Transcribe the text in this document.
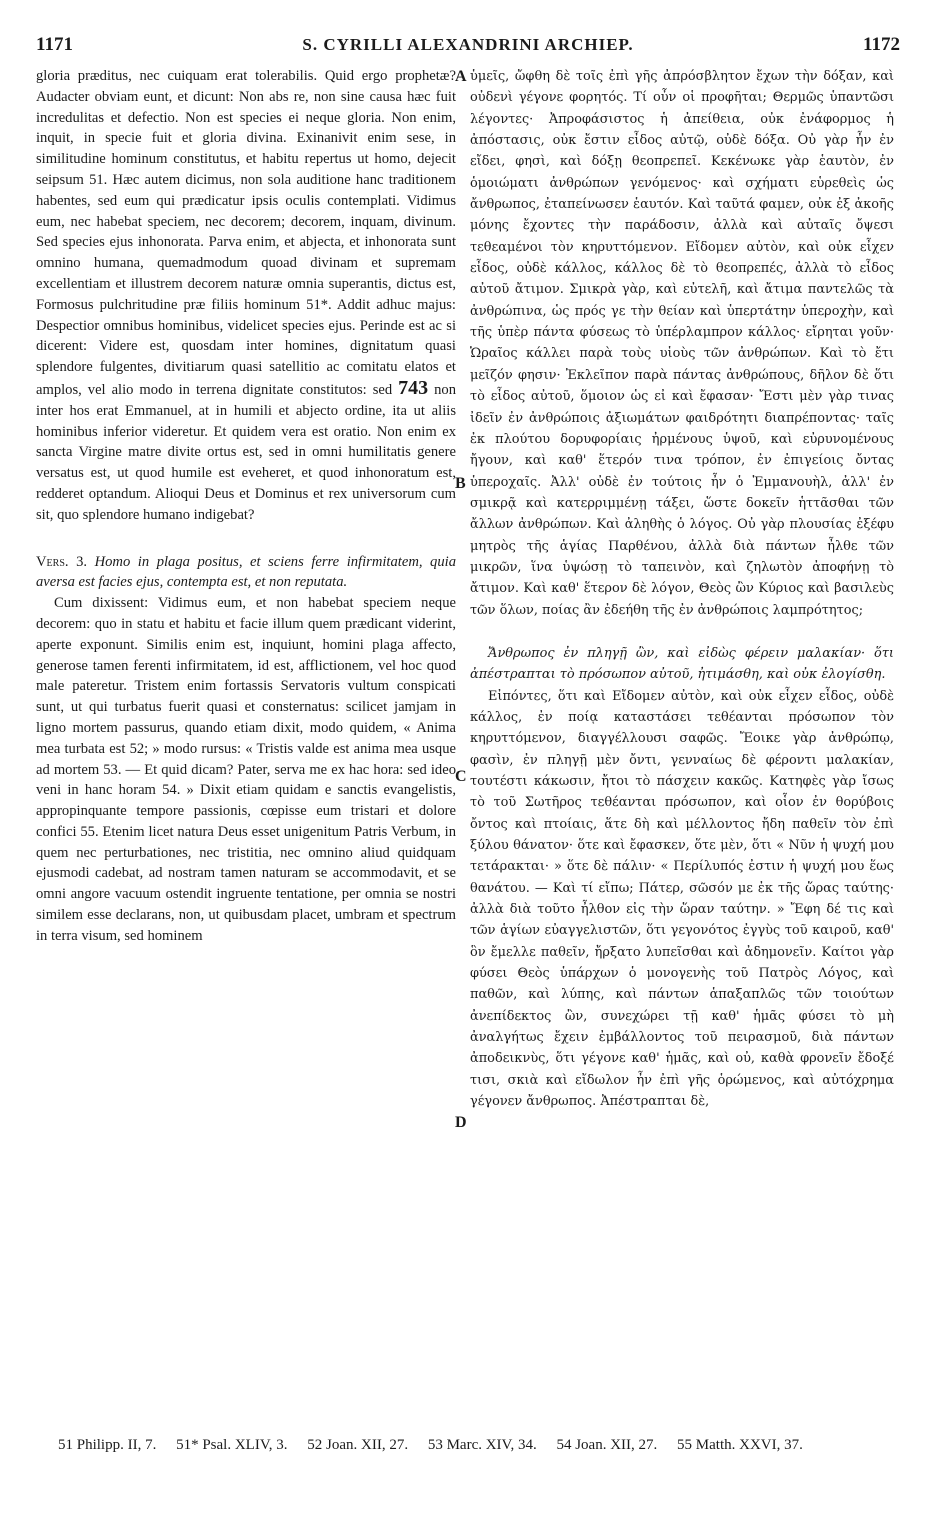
1171	S. CYRILLI ALEXANDRINI ARCHIEP.	1172
A
B
C
D

gloria præditus, nec cuiquam erat tolerabilis. Quid ergo prophetæ? Audacter obviam eunt, et dicunt: Non abs re, non sine causa hæc fuit incredulitas et defectio. Non est species ei neque gloria. Non enim, inquit, in specie fuit et gloria divina. Exinanivit enim sese, in similitudine hominum constitutus, et habitu repertus ut homo, dejecit seipsum 51. Hæc autem dicimus, non sola auditione hanc traditionem habentes, sed eum qui prædicatur ipsis oculis contemplati. Vidimus eum, nec habebat speciem, nec decorem; decorem, inquam, divinum. Sed species ejus inhonorata. Parva enim, et abjecta, et inhonorata sunt omnino humana, quemadmodum quoad divinam et supremam excellentiam et illustrem decorem naturæ omnia superantis, dictus est, Formosus pulchritudine præ filiis hominum 51*. Addit adhuc majus: Despectior omnibus hominibus, videlicet species ejus. Perinde est ac si dicerent: Videre est, quosdam inter homines, dignitatum quasi splendore fulgentes, divitiarum quasi satellitio ac comitatu elatos et amplos, vel alio modo in terrena dignitate constitutos: sed 743 non inter hos erat Emmanuel, at in humili et abjecto ordine, ita ut aliis hominibus inferior videretur. Et quidem vera est oratio. Non enim ex sancta Virgine matre divite ortus est, sed in omni humilitatis genere versatus est, ut quod humile est eveheret, et quod inhonoratum est, redderet optandum. Alioqui Deus et Dominus et rex universorum cum sit, quo splendore humano indigebat?

Vers. 3. Homo in plaga positus, et sciens ferre infirmitatem, quia aversa est facies ejus, contempta est, et non reputata.

Cum dixissent: Vidimus eum, et non habebat speciem neque decorem: quo in statu et habitu et facie illum quem prædicant viderint, aperte exponunt. Similis enim est, inquiunt, homini plaga affecto, generose tamen ferenti infirmitatem, id est, afflictionem, vel hoc quod male pateretur. Tristem enim fortassis Servatoris vultum conspicati sunt, ut qui turbatus fuerit quasi et consternatus: scilicet jamjam in ligno mortem passurus, quando etiam dixit, modo quidem, « Anima mea turbata est 52; » modo rursus: « Tristis valde est anima mea usque ad mortem 53. — Et quid dicam? Pater, serva me ex hac hora: sed ideo veni in hanc horam 54. » Dixit etiam quidam e sanctis evangelistis, appropinquante tempore passionis, cœpisse eum tristari et dolore confici 55. Etenim licet natura Deus esset unigenitum Patris Verbum, in quem nec perturbationes, nec tristitia, nec omnino aliud quidquam ejusmodi cadebat, ad nostram tamen naturam se accommodavit, et se omni angore vacuum ostendit ingruente tentatione, per omnia se nostri similem esse declarans, non, ut quibusdam placet, umbram et spectrum in terra visum, sed hominem

ὑμεῖς, ὤφθη δὲ τοῖς ἐπὶ γῆς ἀπρόσβλητον ἔχων τὴν δόξαν, καὶ οὐδενὶ γέγονε φορητός. Τί οὖν οἱ προφῆται; Θερμῶς ὑπαντῶσι λέγοντες· Ἀπροφάσιστος ἡ ἀπείθεια, οὐκ ἐνάφορμος ἡ ἀπόστασις, οὐκ ἔστιν εἶδος αὐτῷ, οὐδὲ δόξα. Οὐ γὰρ ἦν ἐν εἴδει, φησὶ, καὶ δόξῃ θεοπρεπεῖ. Κεκένωκε γὰρ ἑαυτὸν, ἐν ὁμοιώματι ἀνθρώπων γενόμενος· καὶ σχήματι εὑρεθεὶς ὡς ἄνθρωπος, ἐταπείνωσεν ἑαυτόν. Καὶ ταῦτά φαμεν, οὐκ ἐξ ἀκοῆς μόνης ἔχοντες τὴν παράδοσιν, ἀλλὰ καὶ αὐταῖς ὄψεσι τεθεαμένοι τὸν κηρυττόμενον. Εἴδομεν αὐτὸν, καὶ οὐκ εἶχεν εἶδος, οὐδὲ κάλλος, κάλλος δὲ τὸ θεοπρεπές, ἀλλὰ τὸ εἶδος αὐτοῦ ἄτιμον. Σμικρὰ γὰρ, καὶ εὐτελῆ, καὶ ἄτιμα παντελῶς τὰ ἀνθρώπινα, ὡς πρός γε τὴν θείαν καὶ ὑπερτάτην ὑπεροχὴν, καὶ τῆς ὑπὲρ πάντα φύσεως τὸ ὑπέρλαμπρον κάλλος· εἴρηται γοῦν· Ὡραῖος κάλλει παρὰ τοὺς υἱοὺς τῶν ἀνθρώπων. Καὶ τὸ ἔτι μεῖζόν φησιν· Ἐκλεῖπον παρὰ πάντας ἀνθρώπους, δῆλον δὲ ὅτι τὸ εἶδος αὐτοῦ, ὅμοιον ὡς εἰ καὶ ἔφασαν· Ἔστι μὲν γὰρ τινας ἰδεῖν ἐν ἀνθρώποις ἀξιωμάτων φαιδρότητι διαπρέποντας· ταῖς ἐκ πλούτου δορυφορίαις ἠρμένους ὑψοῦ, καὶ εὐρυνομένους ἤγουν, καὶ καθ' ἕτερόν τινα τρόπον, ἐν ἐπιγείοις ὄντας ὑπεροχαῖς. Ἀλλ' οὐδὲ ἐν τούτοις ἦν ὁ Ἐμμανουὴλ, ἀλλ' ἐν σμικρᾷ καὶ κατερριμμένῃ τάξει, ὥστε δοκεῖν ἡττᾶσθαι τῶν ἄλλων ἀνθρώπων. Καὶ ἀληθὴς ὁ λόγος. Οὐ γὰρ πλουσίας ἐξέφυ μητρὸς τῆς ἁγίας Παρθένου, ἀλλὰ διὰ πάντων ἦλθε τῶν μικρῶν, ἵνα ὑψώσῃ τὸ ταπεινὸν, καὶ ζηλωτὸν ἀποφήνῃ τὸ ἄτιμον. Καὶ καθ' ἕτερον δὲ λόγον, Θεὸς ὢν Κύριος καὶ βασιλεὺς τῶν ὅλων, ποίας ἂν ἐδεήθη τῆς ἐν ἀνθρώποις λαμπρότητος;

Ἄνθρωπος ἐν πληγῇ ὢν, καὶ εἰδὼς φέρειν μαλακίαν· ὅτι ἀπέστραπται τὸ πρόσωπον αὐτοῦ, ἠτιμάσθη, καὶ οὐκ ἐλογίσθη.

Εἰπόντες, ὅτι καὶ Εἴδομεν αὐτὸν, καὶ οὐκ εἶχεν εἶδος, οὐδὲ κάλλος, ἐν ποίᾳ καταστάσει τεθέανται πρόσωπον τὸν κηρυττόμενον, διαγγέλλουσι σαφῶς. Ἔοικε γὰρ ἀνθρώπῳ, φασὶν, ἐν πληγῇ μὲν ὄντι, γενναίως δὲ φέροντι μαλακίαν, τουτέστι κάκωσιν, ἤτοι τὸ πάσχειν κακῶς. Κατηφὲς γὰρ ἴσως τὸ τοῦ Σωτῆρος τεθέανται πρόσωπον, καὶ οἷον ἐν θορύβοις ὄντος καὶ πτοίαις, ἅτε δὴ καὶ μέλλοντος ἤδη παθεῖν τὸν ἐπὶ ξύλου θάνατον· ὅτε καὶ ἔφασκεν, ὅτε μὲν, ὅτι « Νῦν ἡ ψυχή μου τετάρακται· » ὅτε δὲ πάλιν· « Περίλυπός ἐστιν ἡ ψυχή μου ἕως θανάτου. — Καὶ τί εἴπω; Πάτερ, σῶσόν με ἐκ τῆς ὥρας ταύτης· ἀλλὰ διὰ τοῦτο ἦλθον εἰς τὴν ὥραν ταύτην. » Ἔφη δέ τις καὶ τῶν ἁγίων εὐαγγελιστῶν, ὅτι γεγονότος ἐγγὺς τοῦ καιροῦ, καθ' ὃν ἔμελλε παθεῖν, ἤρξατο λυπεῖσθαι καὶ ἀδημονεῖν. Καίτοι γὰρ φύσει Θεὸς ὑπάρχων ὁ μονογενὴς τοῦ Πατρὸς Λόγος, καὶ παθῶν, καὶ λύπης, καὶ πάντων ἁπαξαπλῶς τῶν τοιούτων ἀνεπίδεκτος ὢν, συνεχώρει τῇ καθ' ἡμᾶς φύσει τὸ μὴ ἀναλγήτως ἔχειν ἐμβάλλοντος τοῦ πειρασμοῦ, διὰ πάντων ἀποδεικνὺς, ὅτι γέγονε καθ' ἡμᾶς, καὶ οὐ, καθὰ φρονεῖν ἔδοξέ τισι, σκιὰ καὶ εἴδωλον ἦν ἐπὶ γῆς ὁρώμενος, καὶ αὐτόχρημα γέγονεν ἄνθρωπος. Ἀπέστραπται δὲ,

51 Philipp. II, 7. 51* Psal. XLIV, 3. 52 Joan. XII, 27. 53 Marc. XIV, 34. 54 Joan. XII, 27. 55 Matth. XXVI, 37.
